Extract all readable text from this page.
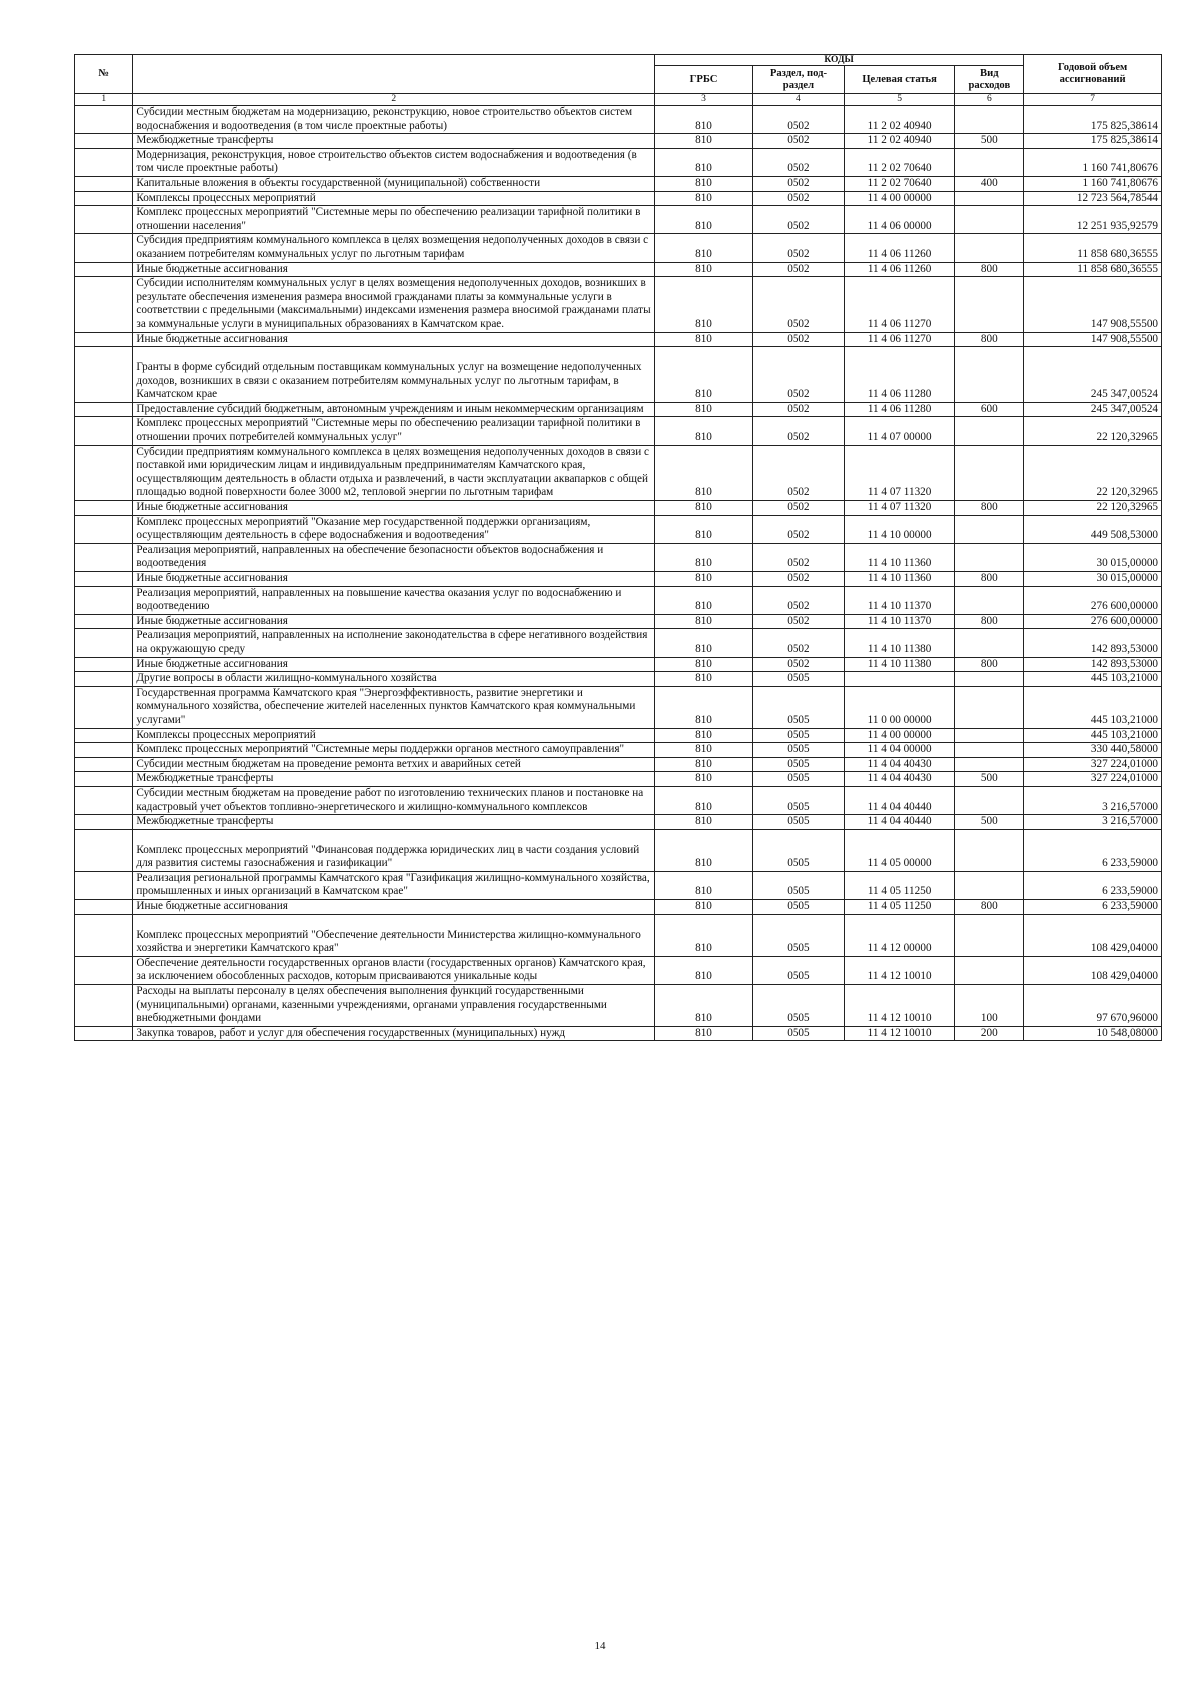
№		КОДЫ				Годовой объем ассигнований
		ГРБС	Раздел, под-раздел	Целевая статья	Вид расходов	
1	2	3	4	5	6	7
	Субсидии местным бюджетам на модернизацию, реконструкцию, новое строительство объектов систем водоснабжения и водоотведения (в том числе проектные работы)	810	0502	11 2 02 40940		175 825,38614
	Межбюджетные трансферты	810	0502	11 2 02 40940	500	175 825,38614
	Модернизация, реконструкция, новое строительство объектов систем водоснабжения и водоотведения (в том числе проектные работы)	810	0502	11 2 02 70640		1 160 741,80676
	Капитальные вложения в объекты государственной (муниципальной) собственности	810	0502	11 2 02 70640	400	1 160 741,80676
	Комплексы процессных мероприятий	810	0502	11 4 00 00000		12 723 564,78544
	Комплекс процессных мероприятий "Системные меры по обеспечению реализации тарифной политики в отношении населения"	810	0502	11 4 06 00000		12 251 935,92579
	Субсидия предприятиям коммунального комплекса в целях возмещения недополученных доходов в связи с оказанием потребителям коммунальных услуг по льготным тарифам	810	0502	11 4 06 11260		11 858 680,36555
	Иные бюджетные ассигнования	810	0502	11 4 06 11260	800	11 858 680,36555
	Субсидии исполнителям коммунальных услуг в целях возмещения недополученных доходов, возникших в результате обеспечения изменения размера вносимой гражданами платы за коммунальные услуги в соответствии с предельными (максимальными) индексами изменения размера вносимой гражданами платы за коммунальные услуги в муниципальных образованиях в Камчатском крае.	810	0502	11 4 06 11270		147 908,55500
	Иные бюджетные ассигнования	810	0502	11 4 06 11270	800	147 908,55500
	Гранты в форме субсидий отдельным поставщикам коммунальных услуг на возмещение недополученных доходов, возникших в связи с оказанием потребителям коммунальных услуг по льготным тарифам, в Камчатском крае	810	0502	11 4 06 11280		245 347,00524
	Предоставление субсидий бюджетным, автономным учреждениям и иным некоммерческим организациям	810	0502	11 4 06 11280	600	245 347,00524
	Комплекс процессных мероприятий "Системные меры по обеспечению реализации тарифной политики в отношении прочих потребителей коммунальных услуг"	810	0502	11 4 07 00000		22 120,32965
	Субсидии предприятиям коммунального комплекса в целях возмещения недополученных доходов в связи с поставкой ими юридическим лицам и индивидуальным предпринимателям Камчатского края, осуществляющим деятельность в области отдыха и развлечений, в части эксплуатации аквапарков с общей площадью водной поверхности более 3000 м2, тепловой энергии по льготным тарифам	810	0502	11 4 07 11320		22 120,32965
	Иные бюджетные ассигнования	810	0502	11 4 07 11320	800	22 120,32965
	Комплекс процессных мероприятий "Оказание мер государственной поддержки организациям, осуществляющим деятельность в сфере водоснабжения и водоотведения"	810	0502	11 4 10 00000		449 508,53000
	Реализация мероприятий, направленных на обеспечение безопасности объектов водоснабжения и водоотведения	810	0502	11 4 10 11360		30 015,00000
	Иные бюджетные ассигнования	810	0502	11 4 10 11360	800	30 015,00000
	Реализация мероприятий, направленных на повышение качества оказания услуг по водоснабжению и водоотведению	810	0502	11 4 10 11370		276 600,00000
	Иные бюджетные ассигнования	810	0502	11 4 10 11370	800	276 600,00000
	Реализация мероприятий, направленных на исполнение законодательства в сфере негативного воздействия на окружающую среду	810	0502	11 4 10 11380		142 893,53000
	Иные бюджетные ассигнования	810	0502	11 4 10 11380	800	142 893,53000
	Другие вопросы в области жилищно-коммунального хозяйства	810	0505			445 103,21000
	Государственная программа Камчатского края "Энергоэффективность, развитие энергетики и коммунального хозяйства, обеспечение жителей населенных пунктов Камчатского края коммунальными услугами"	810	0505	11 0 00 00000		445 103,21000
	Комплексы процессных мероприятий	810	0505	11 4 00 00000		445 103,21000
	Комплекс процессных мероприятий "Системные меры поддержки органов местного самоуправления"	810	0505	11 4 04 00000		330 440,58000
	Субсидии местным бюджетам на проведение ремонта ветхих и аварийных сетей	810	0505	11 4 04 40430		327 224,01000
	Межбюджетные трансферты	810	0505	11 4 04 40430	500	327 224,01000
	Субсидии местным бюджетам на проведение работ по изготовлению технических планов и постановке на кадастровый учет объектов топливно-энергетического и жилищно-коммунального комплексов	810	0505	11 4 04 40440		3 216,57000
	Межбюджетные трансферты	810	0505	11 4 04 40440	500	3 216,57000
	Комплекс процессных мероприятий "Финансовая поддержка юридических лиц в части создания условий для развития системы газоснабжения и газификации"	810	0505	11 4 05 00000		6 233,59000
	Реализация региональной программы Камчатского края "Газификация жилищно-коммунального хозяйства, промышленных и иных организаций в Камчатском крае"	810	0505	11 4 05 11250		6 233,59000
	Иные бюджетные ассигнования	810	0505	11 4 05 11250	800	6 233,59000
	Комплекс процессных мероприятий "Обеспечение деятельности Министерства жилищно-коммунального хозяйства и энергетики Камчатского края"	810	0505	11 4 12 00000		108 429,04000
	Обеспечение деятельности государственных органов власти (государственных органов) Камчатского края, за исключением обособленных расходов, которым присваиваются уникальные коды	810	0505	11 4 12 10010		108 429,04000
	Расходы на выплаты персоналу в целях обеспечения выполнения функций государственными (муниципальными) органами, казенными учреждениями, органами управления государственными внебюджетными фондами	810	0505	11 4 12 10010	100	97 670,96000
	Закупка товаров, работ и услуг для обеспечения государственных (муниципальных) нужд	810	0505	11 4 12 10010	200	10 548,08000
14
